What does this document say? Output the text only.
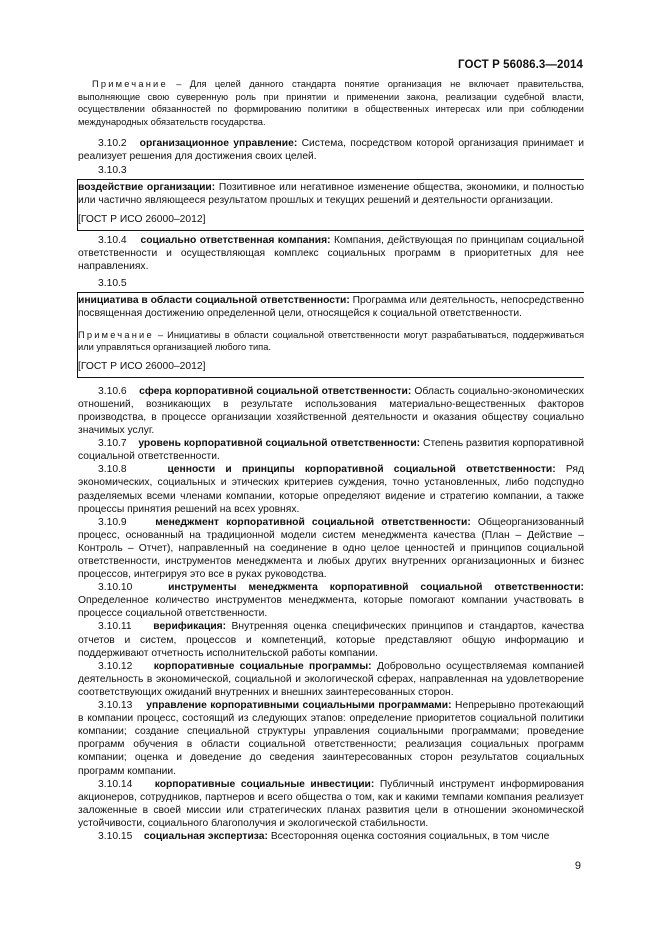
ГОСТ Р 56086.3—2014

Примечание – Для целей данного стандарта понятие организация не включает правительства, выполняющие свою суверенную роль при принятии и применении закона, реализации судебной власти, осуществлении обязанностей по формированию политики в общественных интересах или при соблюдении международных обязательств государства.

3.10.2 организационное управление: Система, посредством которой организация принимает и реализует решения для достижения своих целей.

3.10.3

воздействие организации: Позитивное или негативное изменение общества, экономики, и полностью или частично являющееся результатом прошлых и текущих решений и деятельности организации.

[ГОСТ Р ИСО 26000–2012]

3.10.4 социально ответственная компания: Компания, действующая по принципам социальной ответственности и осуществляющая комплекс социальных программ в приоритетных для нее направлениях.

3.10.5

инициатива в области социальной ответственности: Программа или деятельность, непосредственно посвященная достижению определенной цели, относящейся к социальной ответственности.

Примечание – Инициативы в области социальной ответственности могут разрабатываться, поддерживаться или управляться организацией любого типа.

[ГОСТ Р ИСО 26000–2012]

3.10.6 сфера корпоративной социальной ответственности: Область социально-экономических отношений, возникающих в результате использования материально-вещественных факторов производства, в процессе организации хозяйственной деятельности и оказания обществу социально значимых услуг.

3.10.7 уровень корпоративной социальной ответственности: Степень развития корпоративной социальной ответственности.

3.10.8	ценности и принципы корпоративной социальной ответственности: Ряд экономических, социальных и этических критериев суждения, точно установленных, либо подспудно разделяемых всеми членами компании, которые определяют видение и стратегию компании, а также процессы принятия решений на всех уровнях.

3.10.9	менеджмент корпоративной социальной ответственности: Общеорганизованный процесс, основанный на традиционной модели систем менеджмента качества (План – Действие – Контроль – Отчет), направленный на соединение в одно целое ценностей и принципов социальной ответственности, инструментов менеджмента и любых других внутренних организационных и бизнес процессов, интегрируя это все в руках руководства.

3.10.10	инструменты менеджмента корпоративной социальной ответственности: Определенное количество инструментов менеджмента, которые помогают компании участвовать в процессе социальной ответственности.

3.10.11 верификация: Внутренняя оценка специфических принципов и стандартов, качества отчетов и систем, процессов и компетенций, которые представляют общую информацию и поддерживают отчетность исполнительской работы компании.

3.10.12 корпоративные социальные программы: Добровольно осуществляемая компанией деятельность в экономической, социальной и экологической сферах, направленная на удовлетворение соответствующих ожиданий внутренних и внешних заинтересованных сторон.

3.10.13 управление корпоративными социальными программами: Непрерывно протекающий в компании процесс, состоящий из следующих этапов: определение приоритетов социальной политики компании; создание специальной структуры управления социальными программами; проведение программ обучения в области социальной ответственности; реализация социальных программ компании; оценка и доведение до сведения заинтересованных сторон результатов социальных программ компании.

3.10.14 корпоративные социальные инвестиции: Публичный инструмент информирования акционеров, сотрудников, партнеров и всего общества о том, как и какими темпами компания реализует заложенные в своей миссии или стратегических планах развития цели в отношении экономической устойчивости, социального благополучия и экологической стабильности.

3.10.15 социальная экспертиза: Всесторонняя оценка состояния социальных, в том числе

9
